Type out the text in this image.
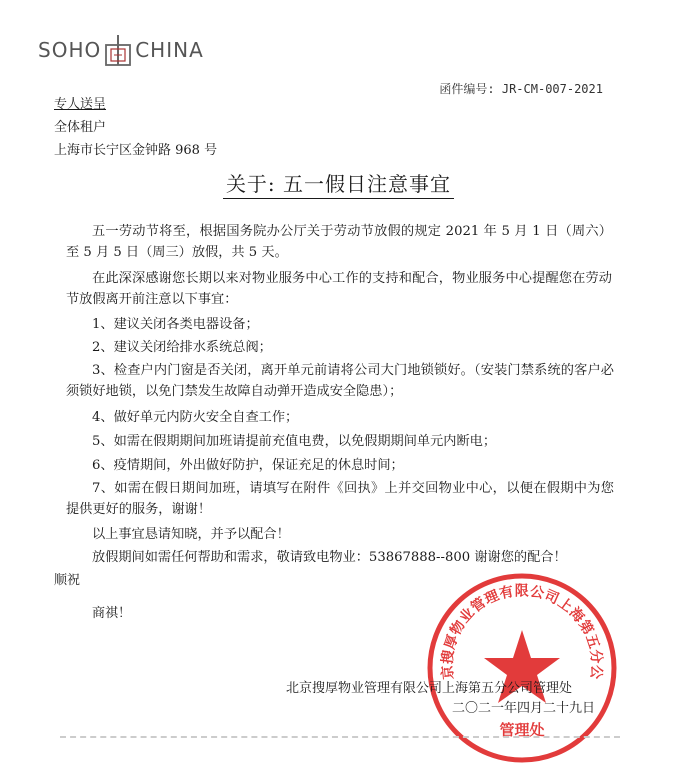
SOHO CHINA
函件编号: JR-CM-007-2021
专人送呈
全体租户
上海市长宁区金钟路 968 号
关于: 五一假日注意事宜
五一劳动节将至，根据国务院办公厅关于劳动节放假的规定 2021 年 5 月 1 日（周六）至 5 月 5 日（周三）放假，共 5 天。
在此深深感谢您长期以来对物业服务中心工作的支持和配合，物业服务中心提醒您在劳动节放假离开前注意以下事宜：
1、建议关闭各类电器设备；
2、建议关闭给排水系统总阀；
3、检查户内门窗是否关闭，离开单元前请将公司大门地锁锁好。（安装门禁系统的客户必须锁好地锁，以免门禁发生故障自动弹开造成安全隐患）；
4、做好单元内防火安全自查工作；
5、如需在假期期间加班请提前充值电费，以免假期期间单元内断电；
6、疫情期间，外出做好防护，保证充足的休息时间；
7、如需在假日期间加班，请填写在附件《回执》上并交回物业中心，以便在假期中为您提供更好的服务，谢谢！
以上事宜恳请知晓，并予以配合！
放假期间如需任何帮助和需求，敬请致电物业：53867888--800 谢谢您的配合！
顺祝
商祺！
京搜厚物业管理有限公司上海第五分公
管理处
北京搜厚物业管理有限公司上海第五分公司管理处
二〇二一年四月二十九日
